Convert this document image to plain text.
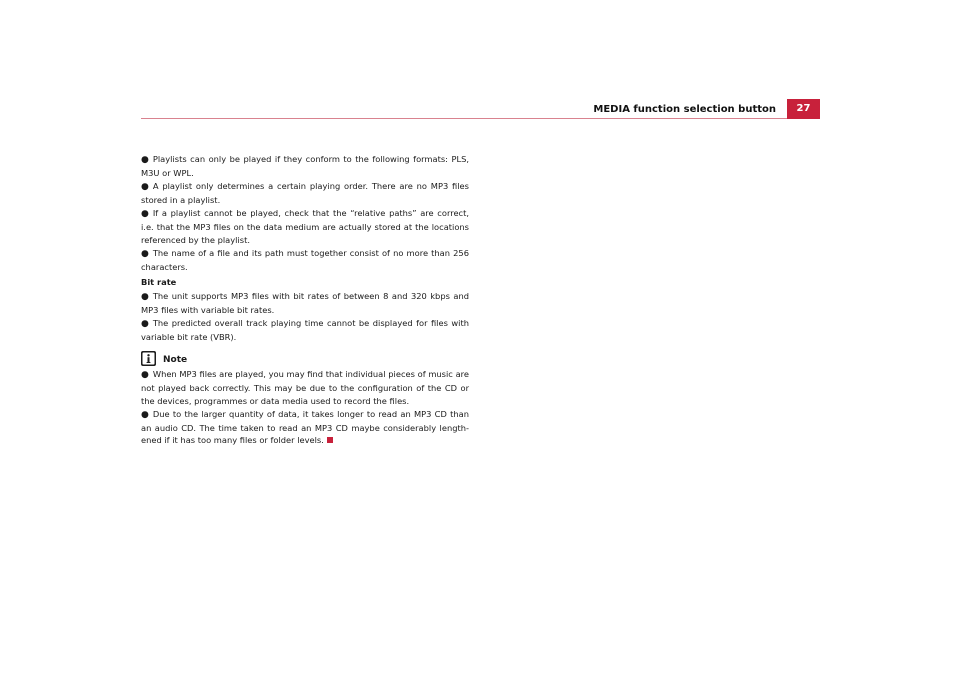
MEDIA function selection button	27
● Playlists can only be played if they conform to the following formats: PLS, M3U or WPL.
● A playlist only determines a certain playing order. There are no MP3 files stored in a playlist.
● If a playlist cannot be played, check that the “relative paths” are correct, i.e. that the MP3 files on the data medium are actually stored at the locations referenced by the playlist.
● The name of a file and its path must together consist of no more than 256 characters.
Bit rate
● The unit supports MP3 files with bit rates of between 8 and 320 kbps and MP3 files with variable bit rates.
● The predicted overall track playing time cannot be displayed for files with variable bit rate (VBR).
Note
● When MP3 files are played, you may find that individual pieces of music are not played back correctly. This may be due to the configuration of the CD or the devices, programmes or data media used to record the files.
● Due to the larger quantity of data, it takes longer to read an MP3 CD than an audio CD. The time taken to read an MP3 CD maybe considerably length-ened if it has too many files or folder levels.
